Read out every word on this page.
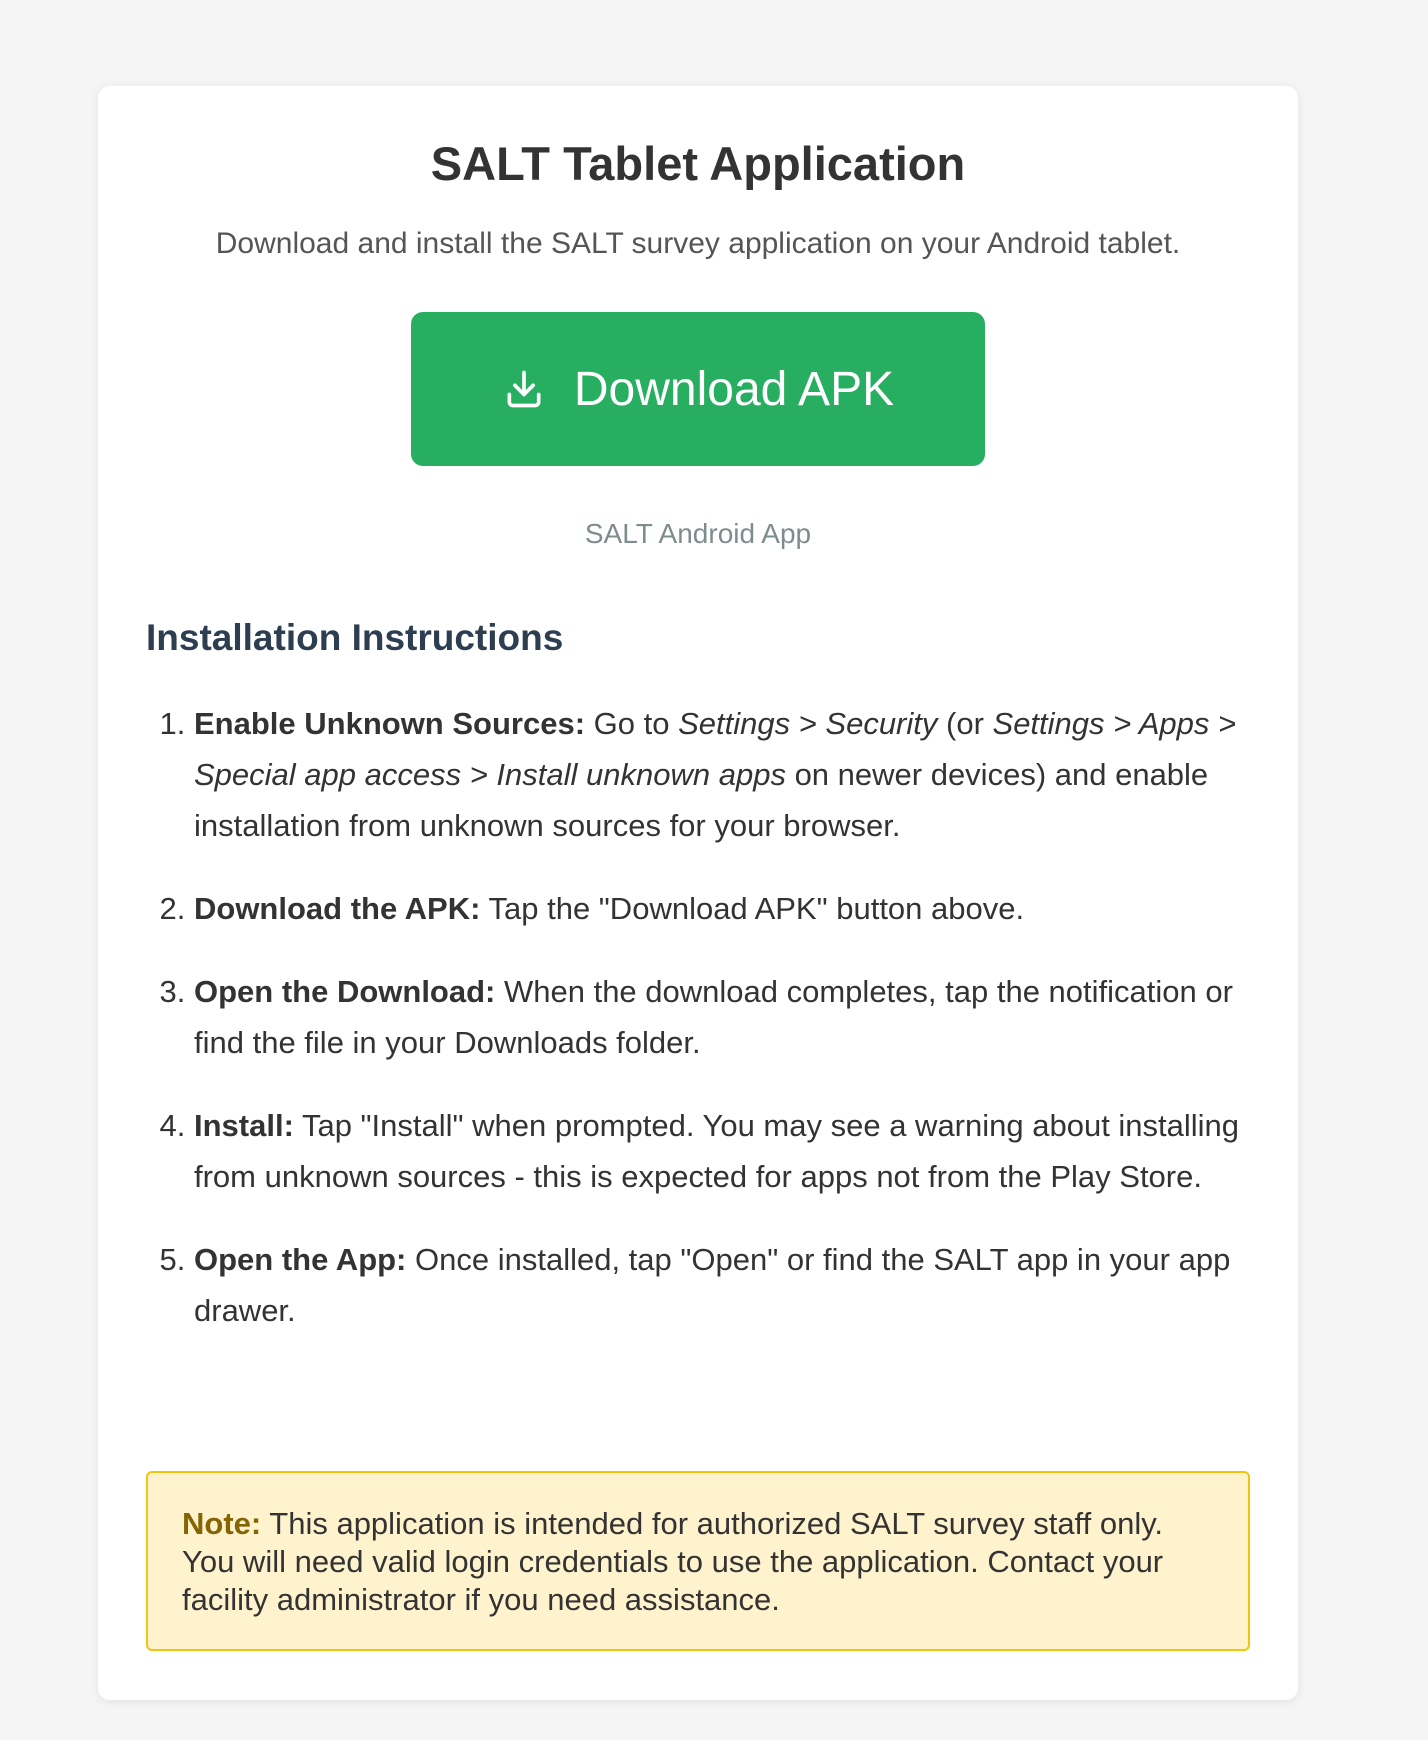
SALT Tablet Application

Download and install the SALT survey application on your Android tablet.

Download APK

SALT Android App

Installation Instructions
1. Enable Unknown Sources: Go to Settings > Security (or Settings > Apps > Special app access > Install unknown apps on newer devices) and enable installation from unknown sources for your browser.
2. Download the APK: Tap the "Download APK" button above.
3. Open the Download: When the download completes, tap the notification or find the file in your Downloads folder.
4. Install: Tap "Install" when prompted. You may see a warning about installing from unknown sources - this is expected for apps not from the Play Store.
5. Open the App: Once installed, tap "Open" or find the SALT app in your app drawer.
Note: This application is intended for authorized SALT survey staff only. You will need valid login credentials to use the application. Contact your facility administrator if you need assistance.
